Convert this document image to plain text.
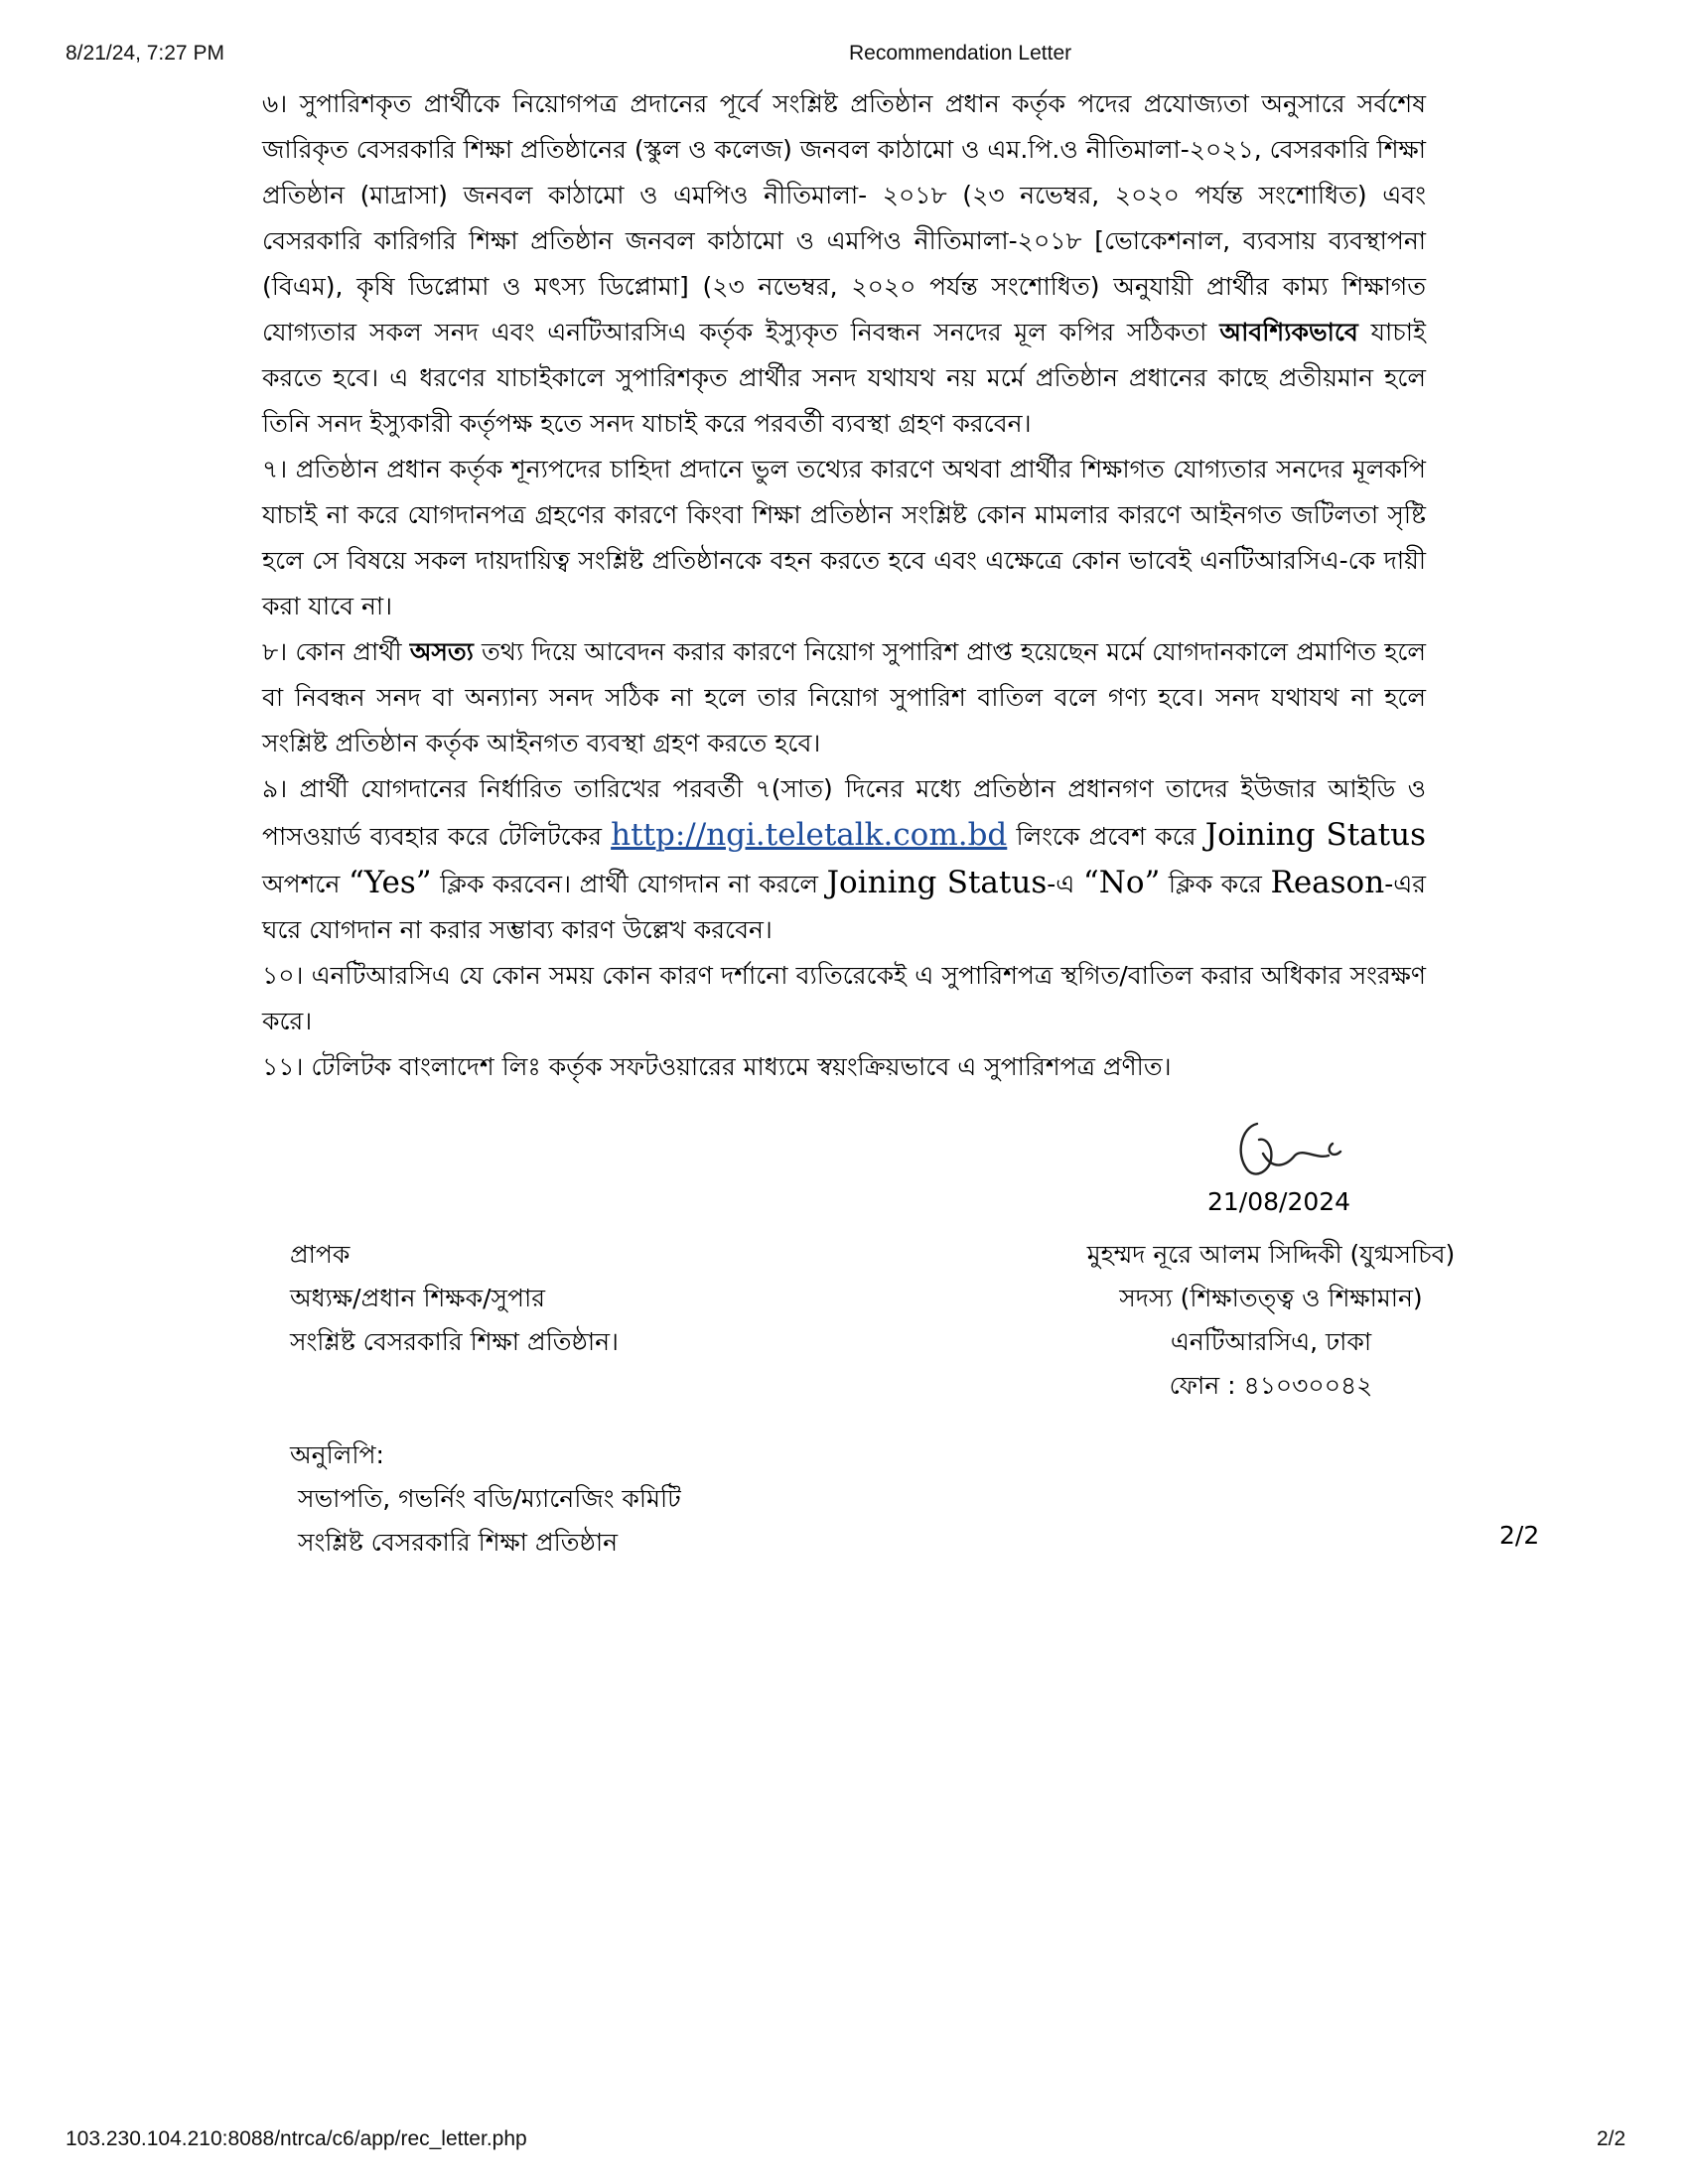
8/21/24, 7:27 PM	Recommendation Letter

৬। সুপারিশকৃত প্রার্থীকে নিয়োগপত্র প্রদানের পূর্বে সংশ্লিষ্ট প্রতিষ্ঠান প্রধান কর্তৃক পদের প্রযোজ্যতা অনুসারে সর্বশেষ জারিকৃত বেসরকারি শিক্ষা প্রতিষ্ঠানের (স্কুল ও কলেজ) জনবল কাঠামো ও এম.পি.ও নীতিমালা-২০২১, বেসরকারি শিক্ষা প্রতিষ্ঠান (মাদ্রাসা) জনবল কাঠামো ও এমপিও নীতিমালা- ২০১৮ (২৩ নভেম্বর, ২০২০ পর্যন্ত সংশোধিত) এবং বেসরকারি কারিগরি শিক্ষা প্রতিষ্ঠান জনবল কাঠামো ও এমপিও নীতিমালা-২০১৮ [ভোকেশনাল, ব্যবসায় ব্যবস্থাপনা (বিএম), কৃষি ডিপ্লোমা ও মৎস্য ডিপ্লোমা] (২৩ নভেম্বর, ২০২০ পর্যন্ত সংশোধিত) অনুযায়ী প্রার্থীর কাম্য শিক্ষাগত যোগ্যতার সকল সনদ এবং এনটিআরসিএ কর্তৃক ইস্যুকৃত নিবন্ধন সনদের মূল কপির সঠিকতা আবশ্যিকভাবে যাচাই করতে হবে। এ ধরণের যাচাইকালে সুপারিশকৃত প্রার্থীর সনদ যথাযথ নয় মর্মে প্রতিষ্ঠান প্রধানের কাছে প্রতীয়মান হলে তিনি সনদ ইস্যুকারী কর্তৃপক্ষ হতে সনদ যাচাই করে পরবর্তী ব্যবস্থা গ্রহণ করবেন।

৭। প্রতিষ্ঠান প্রধান কর্তৃক শূন্যপদের চাহিদা প্রদানে ভুল তথ্যের কারণে অথবা প্রার্থীর শিক্ষাগত যোগ্যতার সনদের মূলকপি যাচাই না করে যোগদানপত্র গ্রহণের কারণে কিংবা শিক্ষা প্রতিষ্ঠান সংশ্লিষ্ট কোন মামলার কারণে আইনগত জটিলতা সৃষ্টি হলে সে বিষয়ে সকল দায়দায়িত্ব সংশ্লিষ্ট প্রতিষ্ঠানকে বহন করতে হবে এবং এক্ষেত্রে কোন ভাবেই এনটিআরসিএ-কে দায়ী করা যাবে না।

৮। কোন প্রার্থী অসত্য তথ্য দিয়ে আবেদন করার কারণে নিয়োগ সুপারিশ প্রাপ্ত হয়েছেন মর্মে যোগদানকালে প্রমাণিত হলে বা নিবন্ধন সনদ বা অন্যান্য সনদ সঠিক না হলে তার নিয়োগ সুপারিশ বাতিল বলে গণ্য হবে। সনদ যথাযথ না হলে সংশ্লিষ্ট প্রতিষ্ঠান কর্তৃক আইনগত ব্যবস্থা গ্রহণ করতে হবে।

৯। প্রার্থী যোগদানের নির্ধারিত তারিখের পরবর্তী ৭(সাত) দিনের মধ্যে প্রতিষ্ঠান প্রধানগণ তাদের ইউজার আইডি ও পাসওয়ার্ড ব্যবহার করে টেলিটকের http://ngi.teletalk.com.bd লিংকে প্রবেশ করে Joining Status অপশনে “Yes” ক্লিক করবেন। প্রার্থী যোগদান না করলে Joining Status-এ “No” ক্লিক করে Reason-এর ঘরে যোগদান না করার সম্ভাব্য কারণ উল্লেখ করবেন।

১০। এনটিআরসিএ যে কোন সময় কোন কারণ দর্শানো ব্যতিরেকেই এ সুপারিশপত্র স্থগিত/বাতিল করার অধিকার সংরক্ষণ করে।

১১। টেলিটক বাংলাদেশ লিঃ কর্তৃক সফটওয়ারের মাধ্যমে স্বয়ংক্রিয়ভাবে এ সুপারিশপত্র প্রণীত।

21/08/2024
মুহম্মদ নূরে আলম সিদ্দিকী (যুগ্মসচিব)
সদস্য (শিক্ষাতত্ত্ব ও শিক্ষামান)
এনটিআরসিএ, ঢাকা
ফোন : ৪১০৩০০৪২
প্রাপক
অধ্যক্ষ/প্রধান শিক্ষক/সুপার
সংশ্লিষ্ট বেসরকারি শিক্ষা প্রতিষ্ঠান।
অনুলিপি:
সভাপতি, গভর্নিং বডি/ম্যানেজিং কমিটি
সংশ্লিষ্ট বেসরকারি শিক্ষা প্রতিষ্ঠান	2/2
103.230.104.210:8088/ntrca/c6/app/rec_letter.php	2/2
